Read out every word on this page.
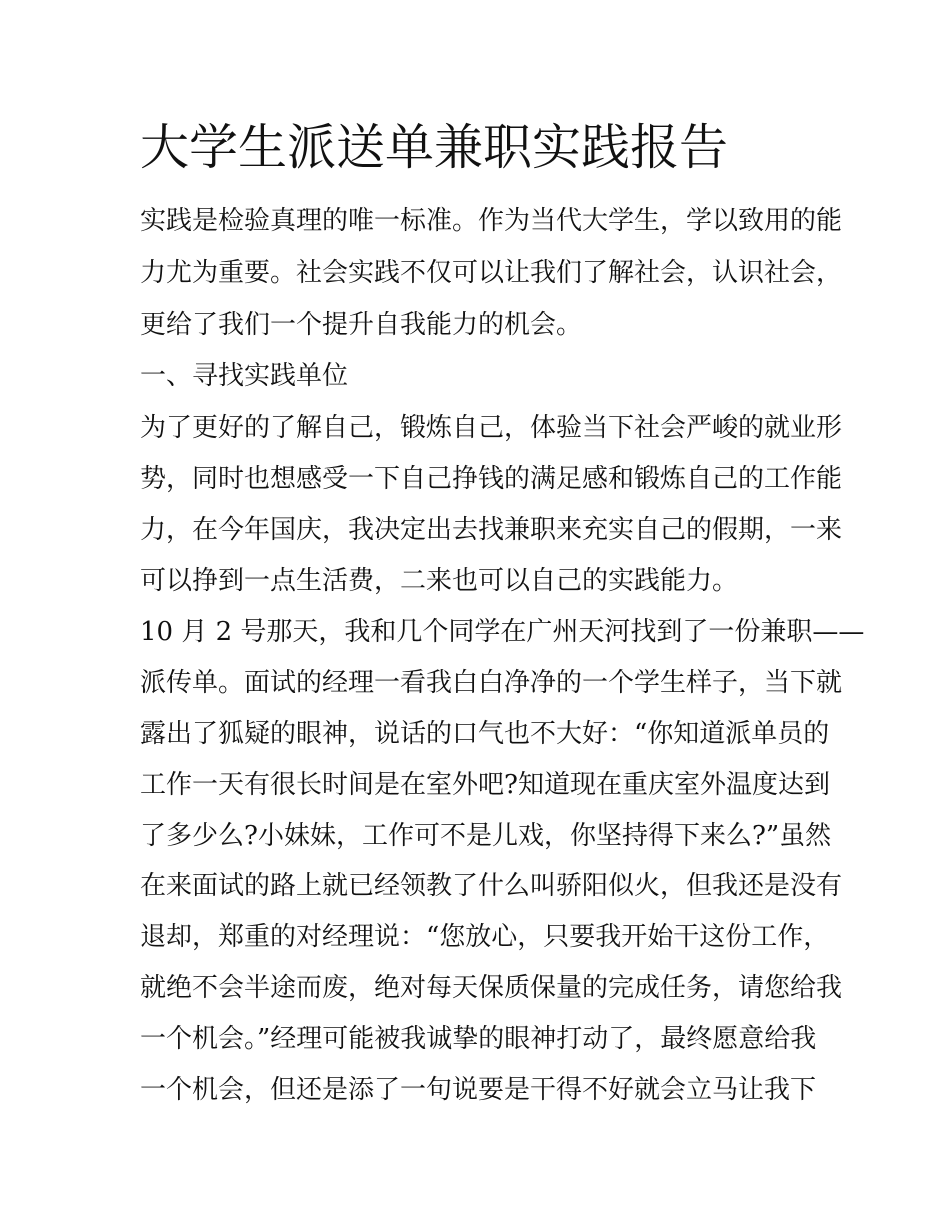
大学生派送单兼职实践报告
实践是检验真理的唯一标准。作为当代大学生，学以致用的能
力尤为重要。社会实践不仅可以让我们了解社会，认识社会，
更给了我们一个提升自我能力的机会。
一、寻找实践单位
为了更好的了解自己，锻炼自己，体验当下社会严峻的就业形
势，同时也想感受一下自己挣钱的满足感和锻炼自己的工作能
力，在今年国庆，我决定出去找兼职来充实自己的假期，一来
可以挣到一点生活费，二来也可以自己的实践能力。
10 月 2 号那天，我和几个同学在广州天河找到了一份兼职——
派传单。面试的经理一看我白白净净的一个学生样子，当下就
露出了狐疑的眼神，说话的口气也不大好：“你知道派单员的
工作一天有很长时间是在室外吧?知道现在重庆室外温度达到
了多少么?小妹妹，工作可不是儿戏，你坚持得下来么?”虽然
在来面试的路上就已经领教了什么叫骄阳似火，但我还是没有
退却，郑重的对经理说：“您放心，只要我开始干这份工作，
就绝不会半途而废，绝对每天保质保量的完成任务，请您给我
一个机会。”经理可能被我诚挚的眼神打动了，最终愿意给我
一个机会，但还是添了一句说要是干得不好就会立马让我下
